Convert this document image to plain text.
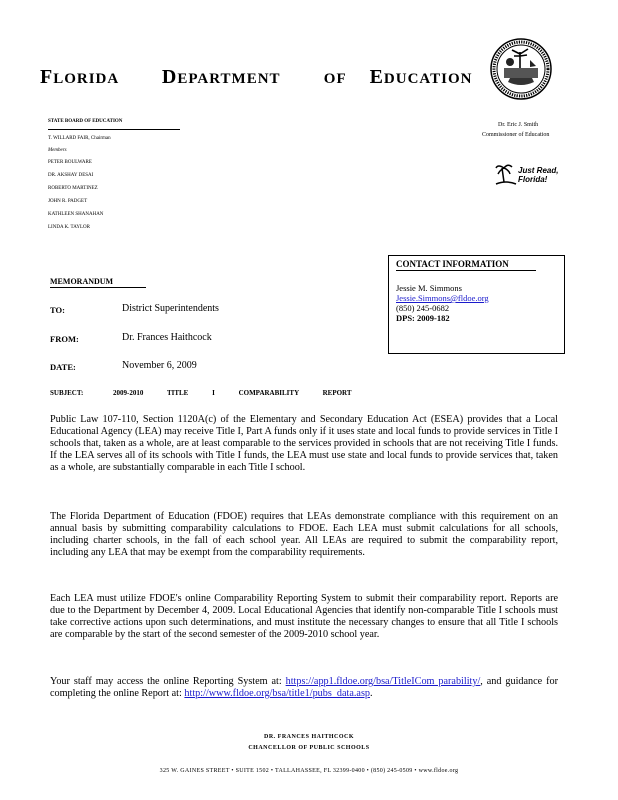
FLORIDA DEPARTMENT	OF EDUCATION
STATE BOARD OF EDUCATION
T. WILLARD FAIR, Chairman
Members
PETER BOULWARE
DR. AKSHAY DESAI
ROBERTO MARTINEZ
JOHN R. PADGET
KATHLEEN SHANAHAN
LINDA K. TAYLOR
Dr. Eric J. Smith
Commissioner of Education
Just Read,
Florida!
MEMORANDUM
CONTACT INFORMATION
Jessie M. Simmons
Jessie.Simmons@fldoe.org
(850) 245-0682
DPS: 2009-182
TO:	District Superintendents
FROM:	Dr. Frances Haithcock
DATE:	November 6, 2009
SUBJECT:	2009-2010 TITLE I COMPARABILITY REPORT
Public Law 107-110, Section 1120A(c) of the Elementary and Secondary Education Act (ESEA) provides that a Local Educational Agency (LEA) may receive Title I, Part A funds only if it uses state and local funds to provide services in Title I schools that, taken as a whole, are at least comparable to the services provided in schools that are not receiving Title I funds. If the LEA serves all of its schools with Title I funds, the LEA must use state and local funds to provide services that, taken as a whole, are substantially comparable in each Title I school.
The Florida Department of Education (FDOE) requires that LEAs demonstrate compliance with this requirement on an annual basis by submitting comparability calculations to FDOE. Each LEA must submit calculations for all schools, including charter schools, in the fall of each school year. All LEAs are required to submit the comparability report, including any LEA that may be exempt from the comparability requirements.
Each LEA must utilize FDOE's online Comparability Reporting System to submit their comparability report. Reports are due to the Department by December 4, 2009. Local Educational Agencies that identify non-comparable Title I schools must take corrective actions upon such determinations, and must institute the necessary changes to ensure that all Title I schools are comparable by the start of the second semester of the 2009-2010 school year.
Your staff may access the online Reporting System at: https://app1.fldoe.org/bsa/TitleICom parability/, and guidance for completing the online Report at: http://www.fldoe.org/bsa/title1/pubs_data.asp.
DR. FRANCES HAITHCOCK
CHANCELLOR OF PUBLIC SCHOOLS
325 W. GAINES STREET • SUITE 1502 • TALLAHASSEE, FL 32399-0400 • (850) 245-0509 • www.fldoe.org
